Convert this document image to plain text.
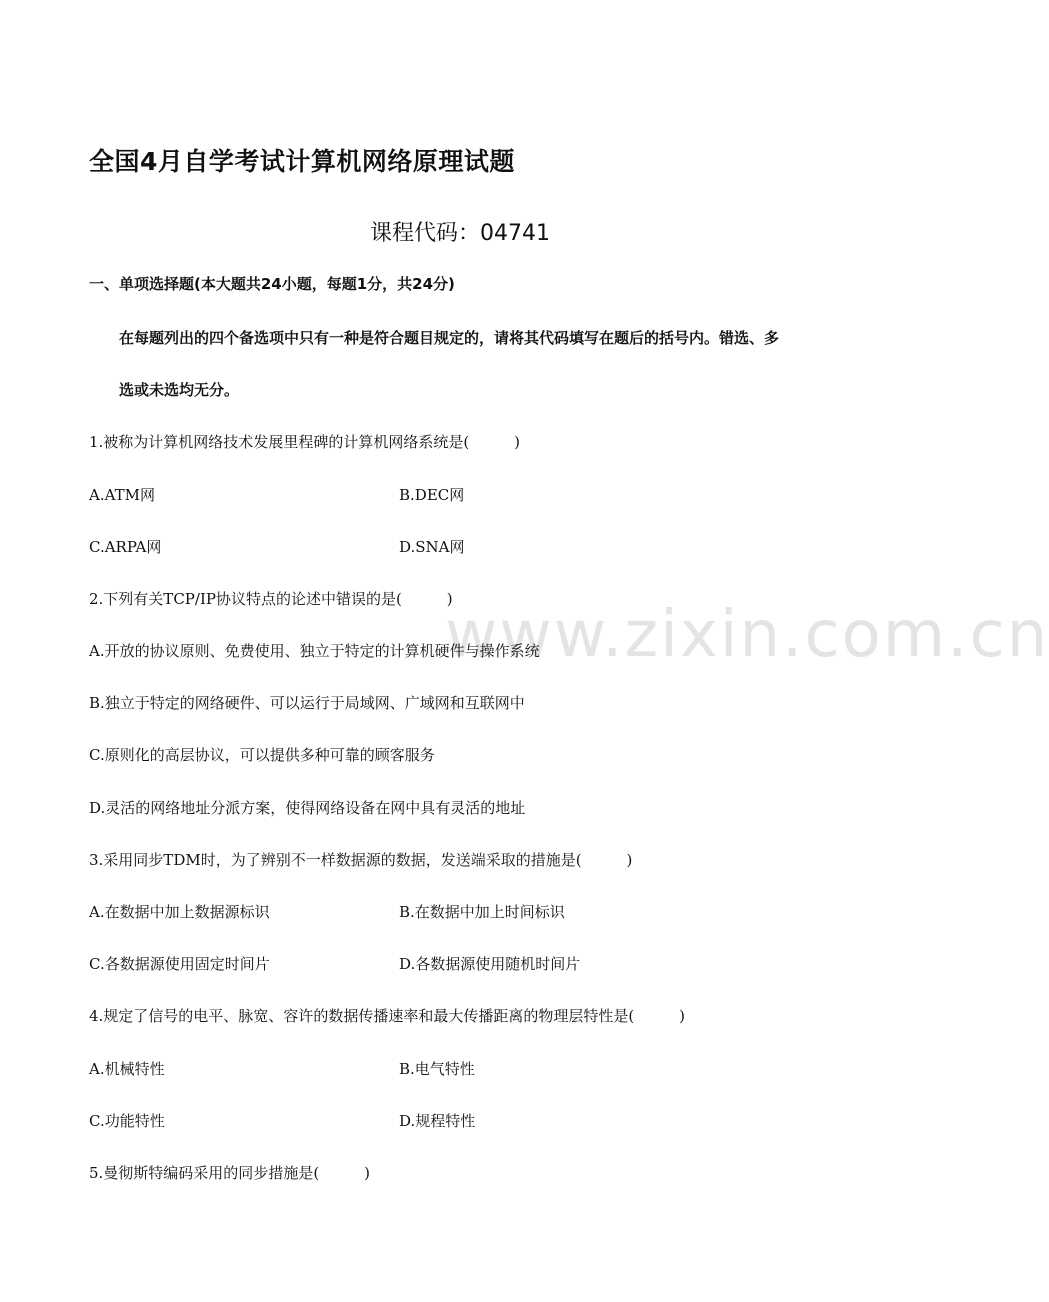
www.zixin.com.cn
全国4月自学考试计算机网络原理试题
课程代码：04741
一、单项选择题(本大题共24小题，每题1分，共24分)
在每题列出的四个备选项中只有一种是符合题目规定的，请将其代码填写在题后的括号内。错选、多
选或未选均无分。
1.被称为计算机网络技术发展里程碑的计算机网络系统是(　　　)
A.ATM网	B.DEC网
C.ARPA网	D.SNA网
2.下列有关TCP/IP协议特点的论述中错误的是(　　　)
A.开放的协议原则、免费使用、独立于特定的计算机硬件与操作系统
B.独立于特定的网络硬件、可以运行于局域网、广域网和互联网中
C.原则化的高层协议，可以提供多种可靠的顾客服务
D.灵活的网络地址分派方案，使得网络设备在网中具有灵活的地址
3.采用同步TDM时，为了辨别不一样数据源的数据，发送端采取的措施是(　　　)
A.在数据中加上数据源标识	B.在数据中加上时间标识
C.各数据源使用固定时间片	D.各数据源使用随机时间片
4.规定了信号的电平、脉宽、容许的数据传播速率和最大传播距离的物理层特性是(　　　)
A.机械特性	B.电气特性
C.功能特性	D.规程特性
5.曼彻斯特编码采用的同步措施是(　　　)
